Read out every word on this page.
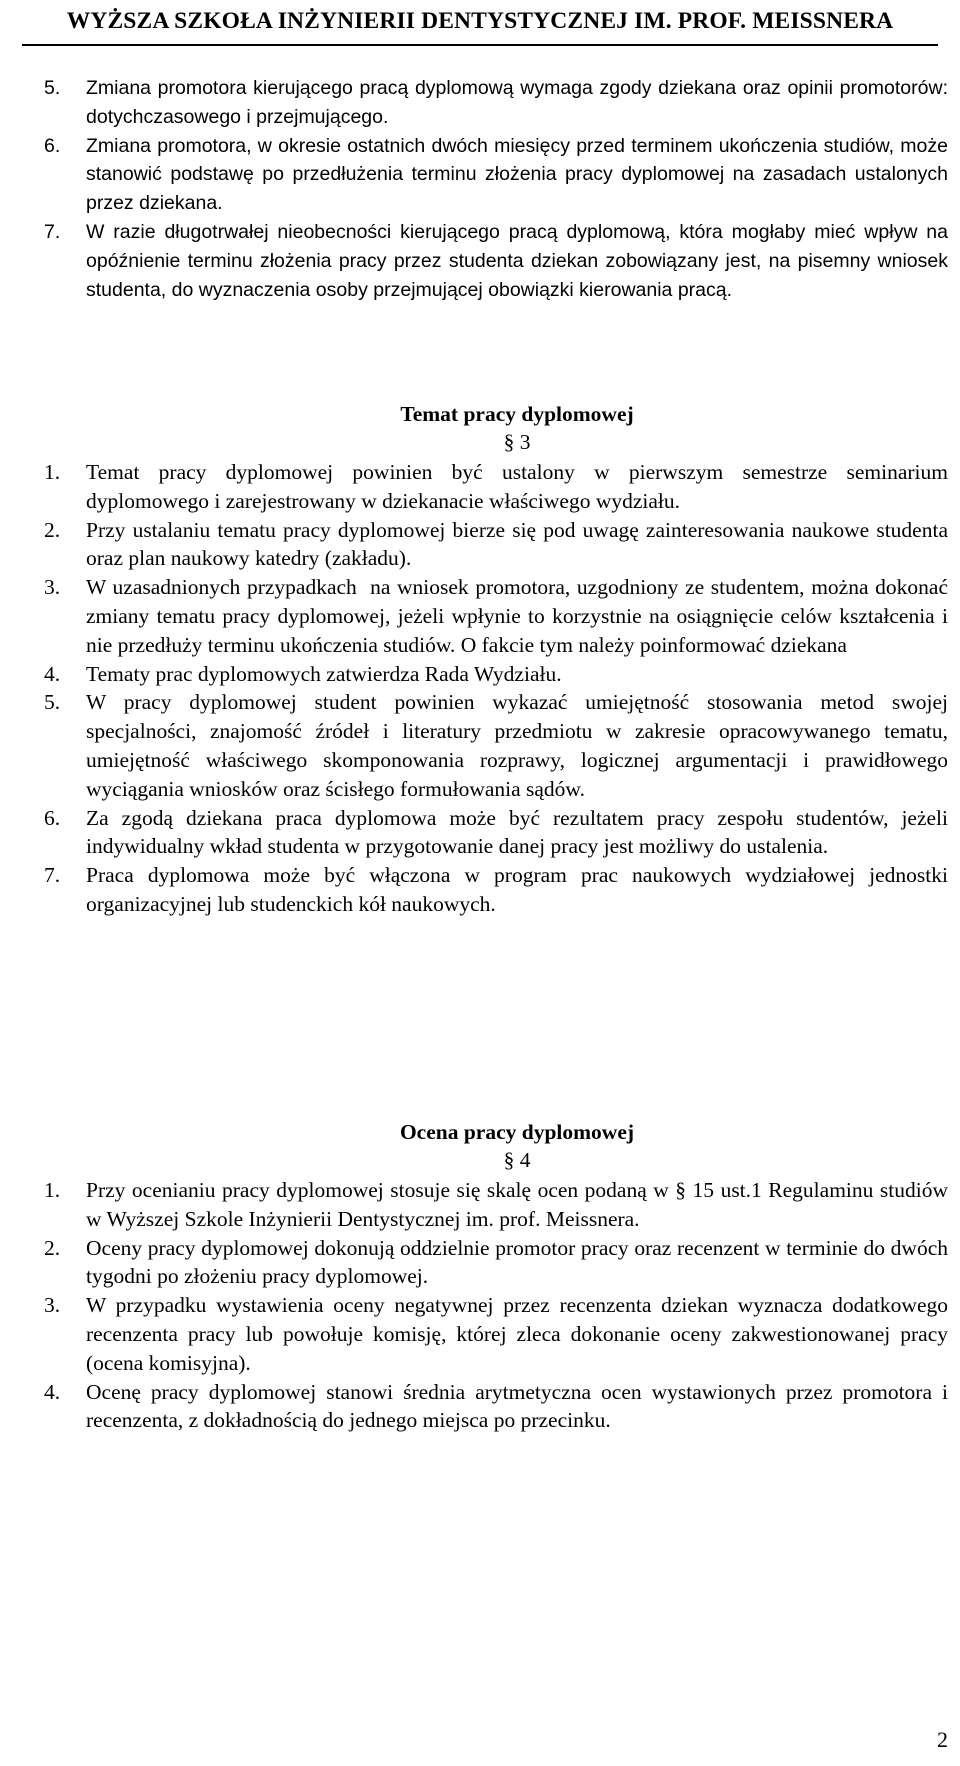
WYŻSZA SZKOŁA INŻYNIERII DENTYSTYCZNEJ IM. PROF. MEISSNERA
5. Zmiana promotora kierującego pracą dyplomową wymaga zgody dziekana oraz opinii promotorów: dotychczasowego i przejmującego.
6. Zmiana promotora, w okresie ostatnich dwóch miesięcy przed terminem ukończenia studiów, może stanowić podstawę po przedłużenia terminu złożenia pracy dyplomowej na zasadach ustalonych przez dziekana.
7. W razie długotrwałej nieobecności kierującego pracą dyplomową, która mogłaby mieć wpływ na opóźnienie terminu złożenia pracy przez studenta dziekan zobowiązany jest, na pisemny wniosek studenta, do wyznaczenia osoby przejmującej obowiązki kierowania pracą.
Temat pracy dyplomowej
§ 3
1. Temat pracy dyplomowej powinien być ustalony w pierwszym semestrze seminarium dyplomowego i zarejestrowany w dziekanacie właściwego wydziału.
2. Przy ustalaniu tematu pracy dyplomowej bierze się pod uwagę zainteresowania naukowe studenta oraz plan naukowy katedry (zakładu).
3. W uzasadnionych przypadkach  na wniosek promotora, uzgodniony ze studentem, można dokonać zmiany tematu pracy dyplomowej, jeżeli wpłynie to korzystnie na osiągnięcie celów kształcenia i nie przedłuży terminu ukończenia studiów. O fakcie tym należy poinformować dziekana
4. Tematy prac dyplomowych zatwierdza Rada Wydziału.
5. W pracy dyplomowej student powinien wykazać umiejętność stosowania metod swojej specjalności, znajomość źródeł i literatury przedmiotu w zakresie opracowywanego tematu, umiejętność właściwego skomponowania rozprawy, logicznej argumentacji i prawidłowego wyciągania wniosków oraz ścisłego formułowania sądów.
6. Za zgodą dziekana praca dyplomowa może być rezultatem pracy zespołu studentów, jeżeli indywidualny wkład studenta w przygotowanie danej pracy jest możliwy do ustalenia.
7. Praca dyplomowa może być włączona w program prac naukowych wydziałowej jednostki organizacyjnej lub studenckich kół naukowych.
Ocena pracy dyplomowej
§ 4
1. Przy ocenianiu pracy dyplomowej stosuje się skalę ocen podaną w § 15 ust.1 Regulaminu studiów w Wyższej Szkole Inżynierii Dentystycznej im. prof. Meissnera.
2. Oceny pracy dyplomowej dokonują oddzielnie promotor pracy oraz recenzent w terminie do dwóch tygodni po złożeniu pracy dyplomowej.
3. W przypadku wystawienia oceny negatywnej przez recenzenta dziekan wyznacza dodatkowego recenzenta pracy lub powołuje komisję, której zleca dokonanie oceny zakwestionowanej pracy (ocena komisyjna).
4. Ocenę pracy dyplomowej stanowi średnia arytmetyczna ocen wystawionych przez promotora i recenzenta, z dokładnością do jednego miejsca po przecinku.
2
